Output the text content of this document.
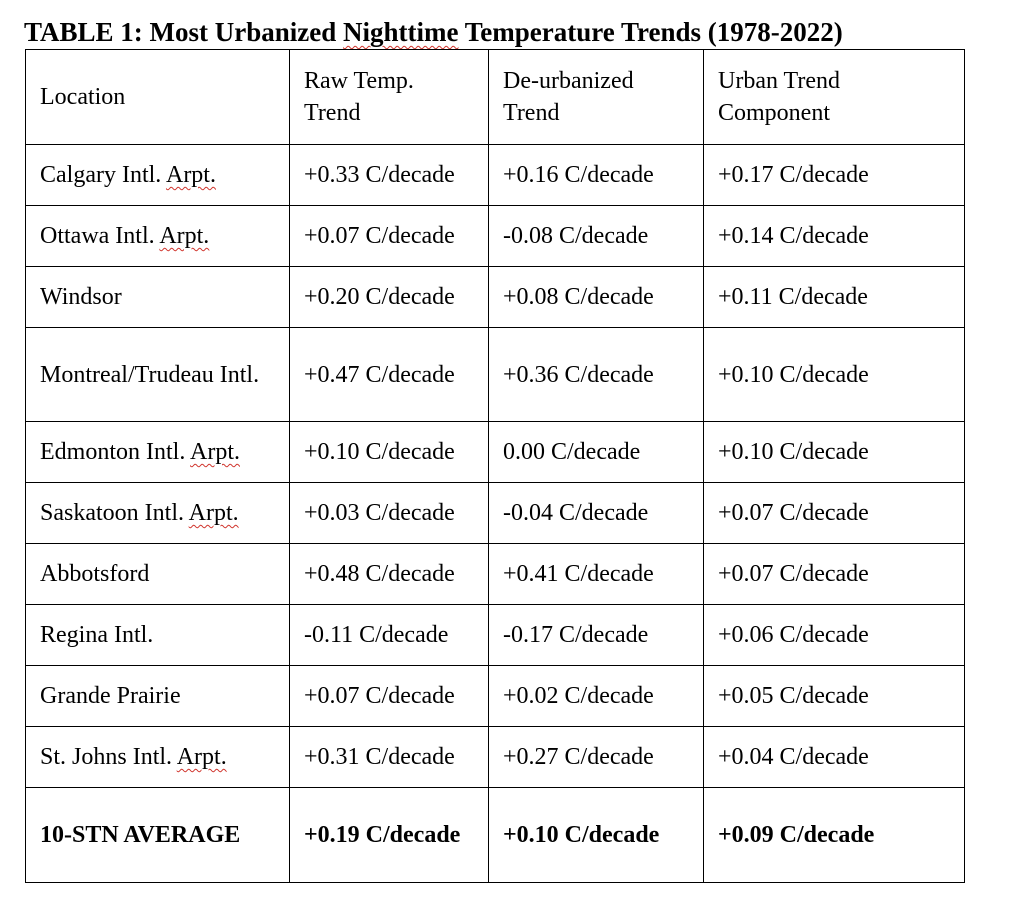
TABLE 1: Most Urbanized Nighttime Temperature Trends (1978-2022)
Location	Raw Temp. Trend	De-urbanized Trend	Urban Trend Component
Calgary Intl. Arpt.	+0.33 C/decade	+0.16 C/decade	+0.17 C/decade
Ottawa Intl. Arpt.	+0.07 C/decade	-0.08 C/decade	+0.14 C/decade
Windsor	+0.20 C/decade	+0.08 C/decade	+0.11 C/decade
Montreal/Trudeau Intl.	+0.47 C/decade	+0.36 C/decade	+0.10 C/decade
Edmonton Intl. Arpt.	+0.10 C/decade	0.00 C/decade	+0.10 C/decade
Saskatoon Intl. Arpt.	+0.03 C/decade	-0.04 C/decade	+0.07 C/decade
Abbotsford	+0.48 C/decade	+0.41 C/decade	+0.07 C/decade
Regina Intl.	-0.11 C/decade	-0.17 C/decade	+0.06 C/decade
Grande Prairie	+0.07 C/decade	+0.02 C/decade	+0.05 C/decade
St. Johns Intl. Arpt.	+0.31 C/decade	+0.27 C/decade	+0.04 C/decade
10-STN AVERAGE	+0.19 C/decade	+0.10 C/decade	+0.09 C/decade
